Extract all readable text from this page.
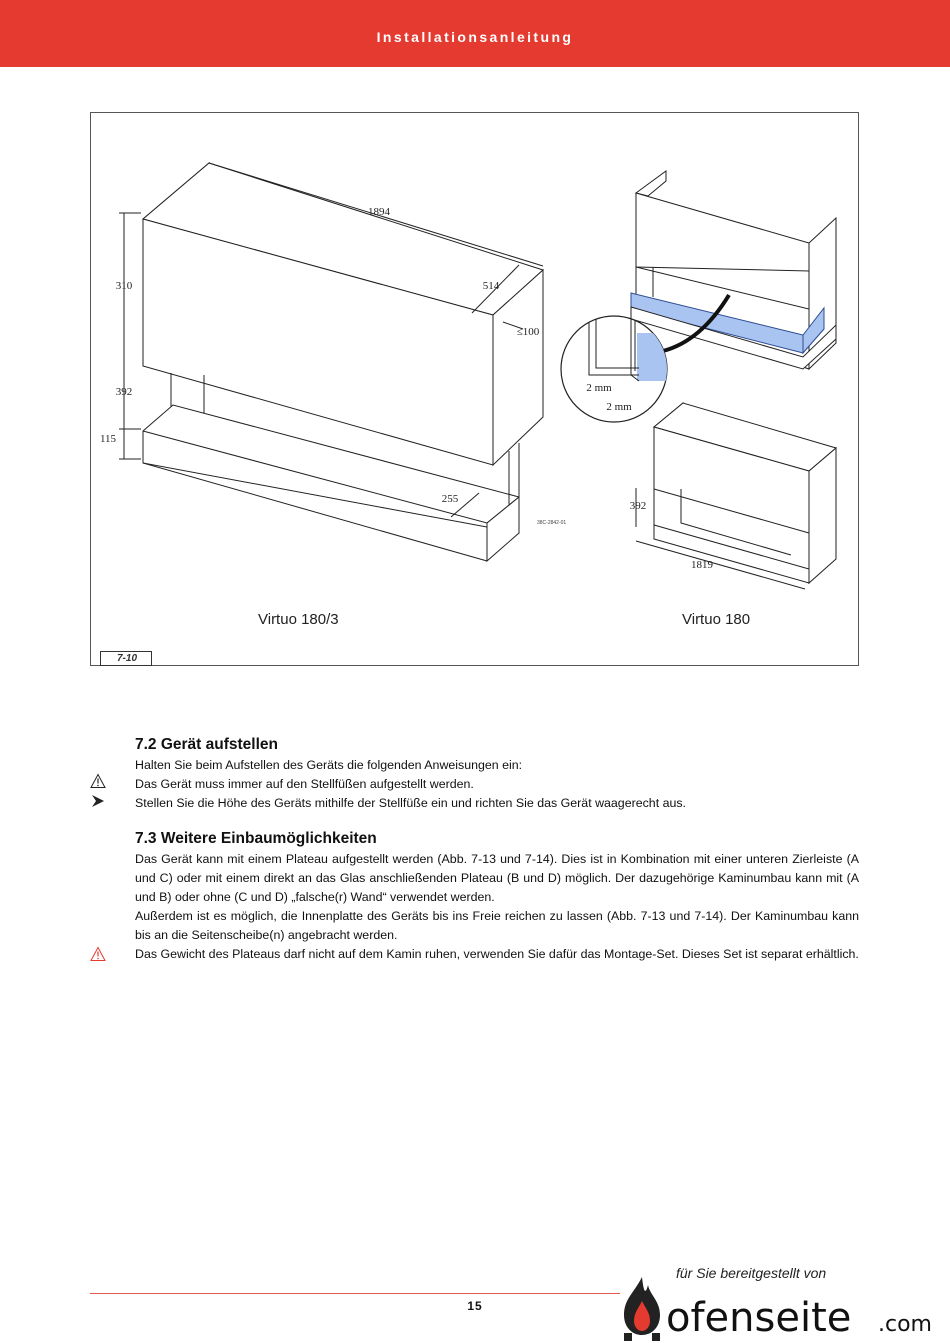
Installationsanleitung
1894
514
≤100
310
392
115
255
2 mm
2 mm
392
1819
38C-2842-01
Virtuo 180/3	Virtuo 180
7-10
7.2 Gerät aufstellen

Halten Sie beim Aufstellen des Geräts die folgenden Anweisungen ein:

Das Gerät muss immer auf den Stellfüßen aufgestellt werden.

Stellen Sie die Höhe des Geräts mithilfe der Stellfüße ein und richten Sie das Gerät waagerecht aus.

7.3 Weitere Einbaumöglichkeiten

Das Gerät kann mit einem Plateau aufgestellt werden (Abb. 7-13 und 7-14). Dies ist in Kombination mit einer unteren Zierleiste (A und C) oder mit einem direkt an das Glas anschließenden Plateau (B und D) möglich. Der dazugehörige Kaminumbau kann mit (A und B) oder ohne (C und D) „falsche(r) Wand“ verwendet werden.

Außerdem ist es möglich, die Innenplatte des Geräts bis ins Freie reichen zu lassen (Abb. 7-13 und 7-14). Der Kaminumbau kann bis an die Seitenscheibe(n) angebracht werden.

Das Gewicht des Plateaus darf nicht auf dem Kamin ruhen, verwenden Sie dafür das Montage-Set. Dieses Set ist separat erhältlich.

15
für Sie bereitgestellt von
ofenseite .com
